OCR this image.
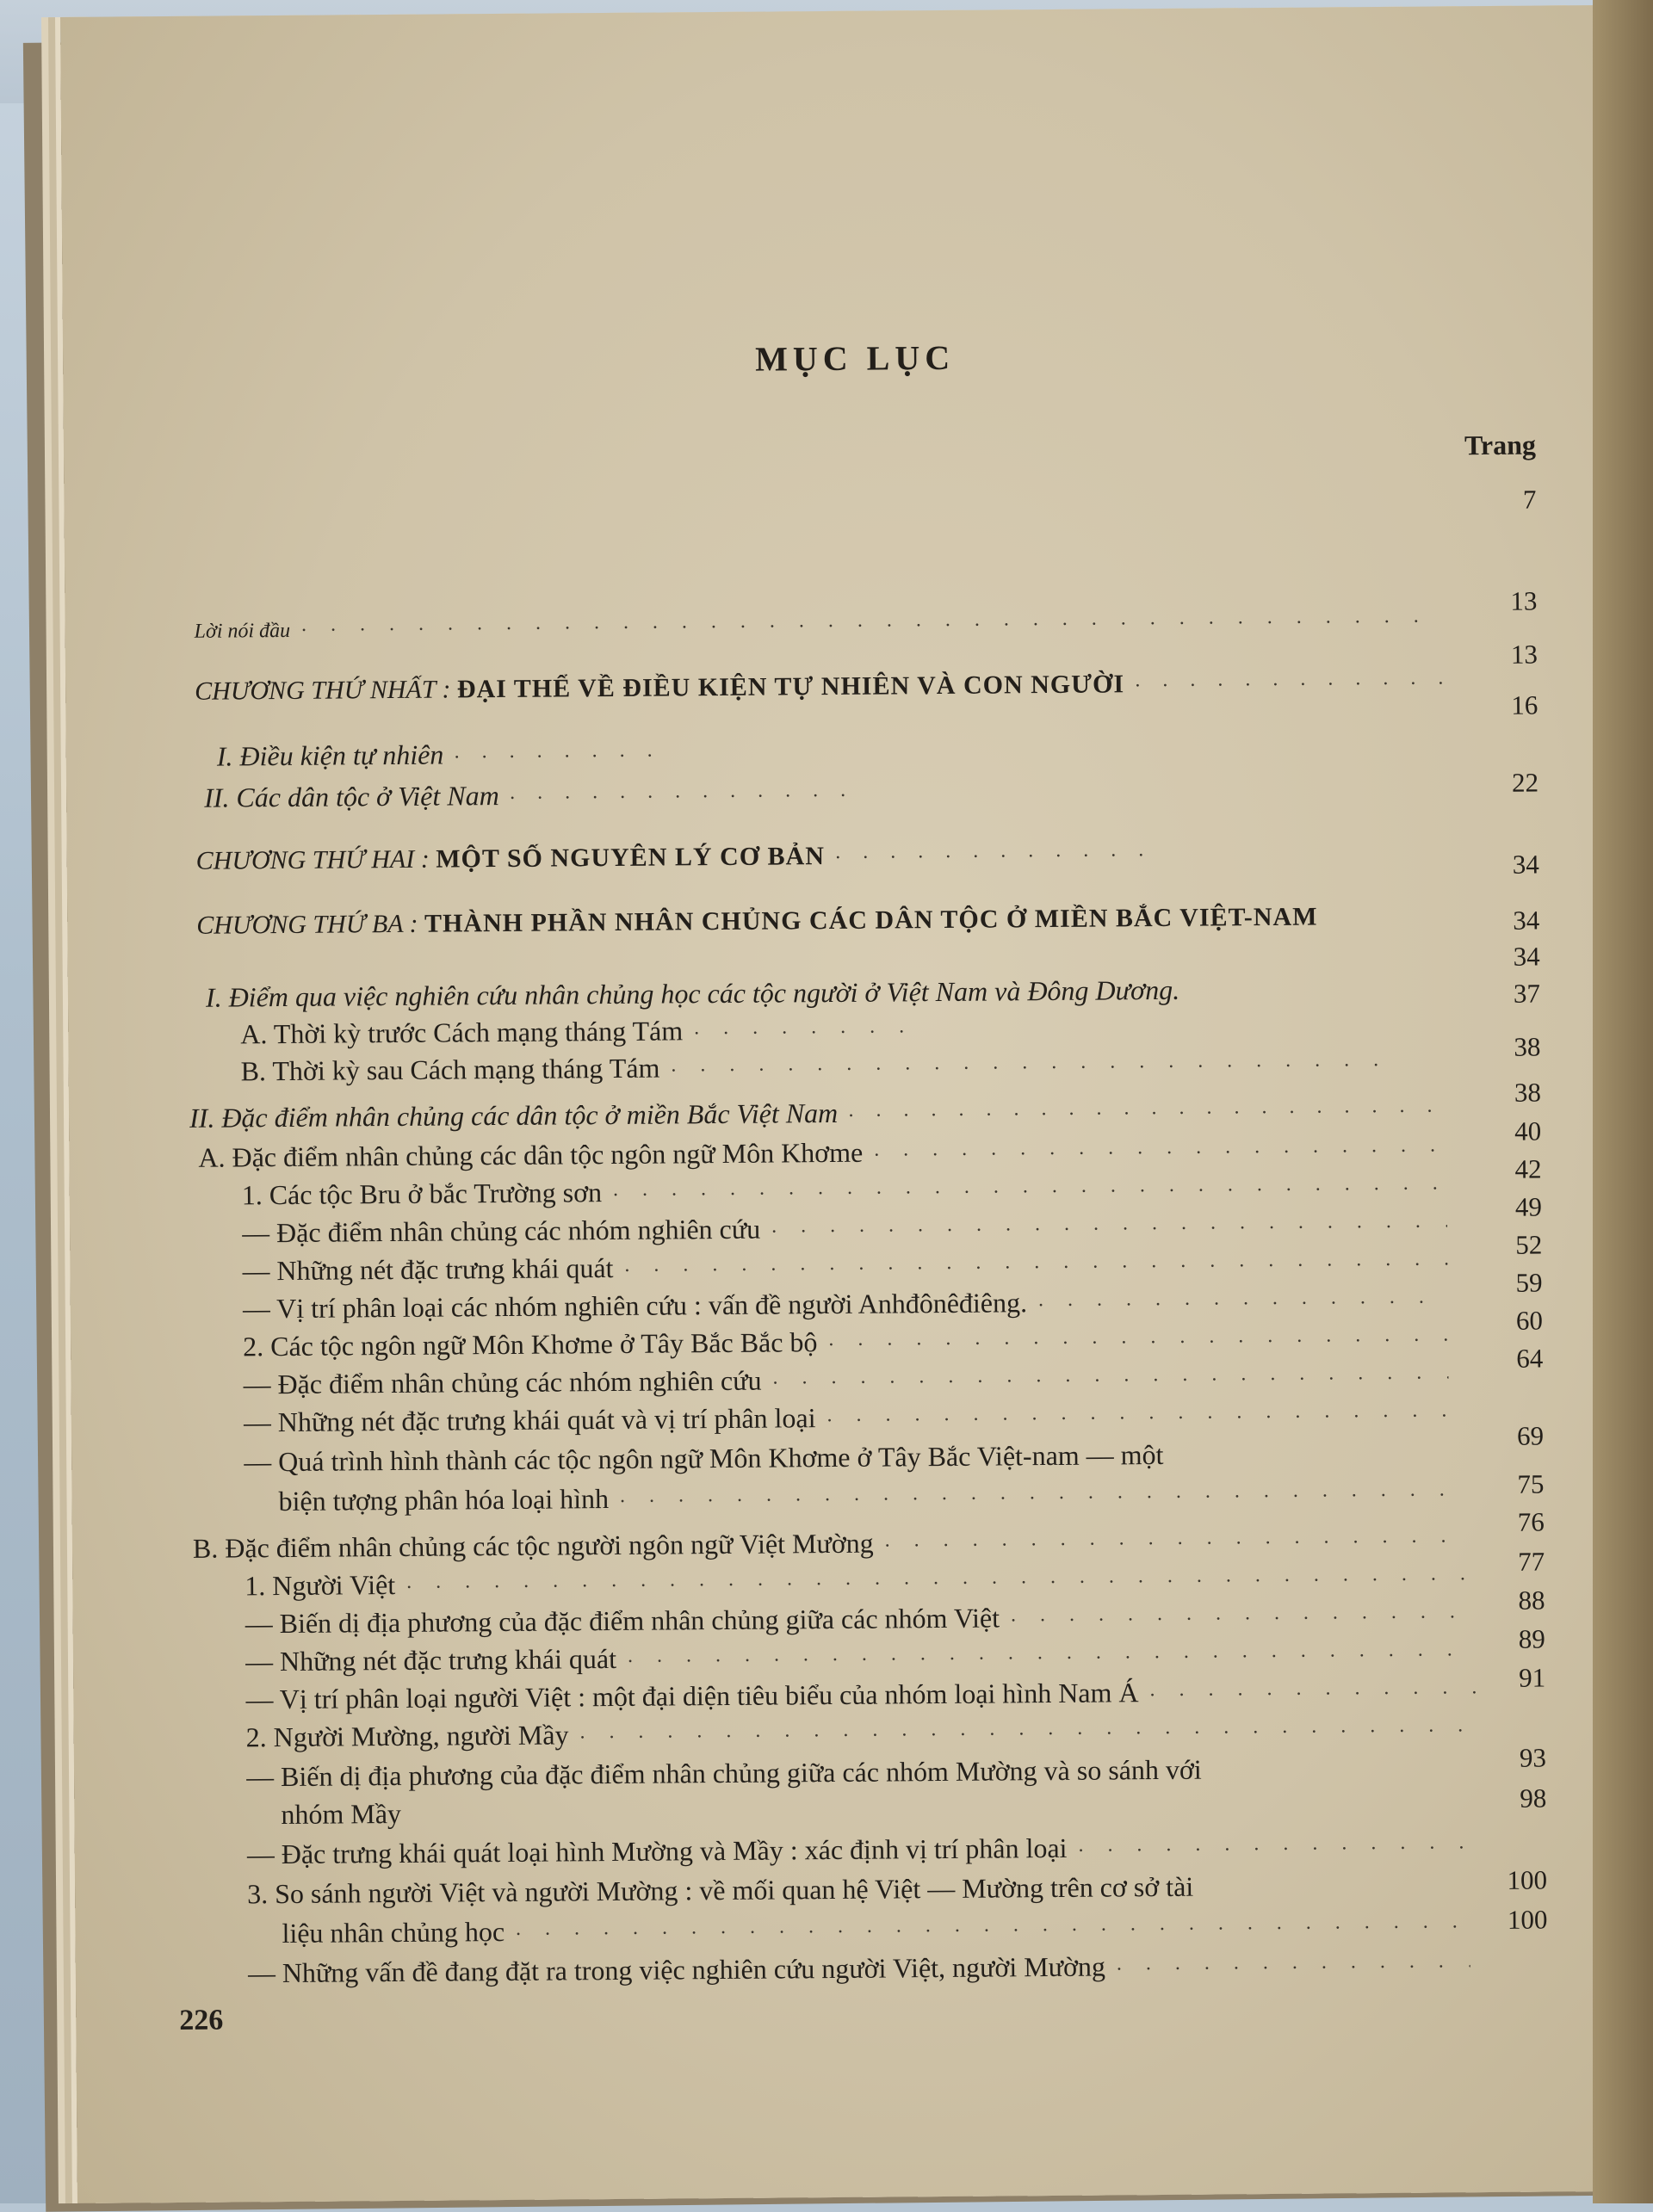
MỤC LỤC
Trang
7
13
13
16
22
34
34
34
37
38
38
40
42
49
52
59
60
64
69
75
76
77
88
89
91
93
98
100
100
Lời nói đầu
· · ·
CHƯƠNG THỨ NHẤT : ĐẠI THỂ VỀ ĐIỀU KIỆN TỰ NHIÊN VÀ CON NGƯỜI
· · ·
I. Điều kiện tự nhiên
· · ·
II. Các dân tộc ở Việt Nam
· · ·
CHƯƠNG THỨ HAI : MỘT SỐ NGUYÊN LÝ CƠ BẢN
· · ·
CHƯƠNG THỨ BA : THÀNH PHẦN NHÂN CHỦNG CÁC DÂN TỘC Ở MIỀN BẮC VIỆT-NAM
I. Điểm qua việc nghiên cứu nhân chủng học các tộc người ở Việt Nam và Đông Dương.
A. Thời kỳ trước Cách mạng tháng Tám
· · ·
B. Thời kỳ sau Cách mạng tháng Tám
· · ·
II. Đặc điểm nhân chủng các dân tộc ở miền Bắc Việt Nam
· · ·
A. Đặc điểm nhân chủng các dân tộc ngôn ngữ Môn Khơme
· · ·
1. Các tộc Bru ở bắc Trường sơn
· · ·
— Đặc điểm nhân chủng các nhóm nghiên cứu
· · ·
— Những nét đặc trưng khái quát
· · ·
— Vị trí phân loại các nhóm nghiên cứu : vấn đề người Anhđônêđiêng.
· · ·
2. Các tộc ngôn ngữ Môn Khơme ở Tây Bắc Bắc bộ
· · ·
— Đặc điểm nhân chủng các nhóm nghiên cứu
· · ·
— Những nét đặc trưng khái quát và vị trí phân loại
· · ·
— Quá trình hình thành các tộc ngôn ngữ Môn Khơme ở Tây Bắc Việt-nam — một
biện tượng phân hóa loại hình
· · ·
B. Đặc điểm nhân chủng các tộc người ngôn ngữ Việt Mường
· · ·
1. Người Việt
· · ·
— Biến dị địa phương của đặc điểm nhân chủng giữa các nhóm Việt
· · ·
— Những nét đặc trưng khái quát
· · ·
— Vị trí phân loại người Việt : một đại diện tiêu biểu của nhóm loại hình Nam Á
· · ·
2. Người Mường, người Mầy
· · ·
— Biến dị địa phương của đặc điểm nhân chủng giữa các nhóm Mường và so sánh với
nhóm Mầy
— Đặc trưng khái quát loại hình Mường và Mầy : xác định vị trí phân loại
· · ·
3. So sánh người Việt và người Mường : về mối quan hệ Việt — Mường trên cơ sở tài
liệu nhân chủng học
· · ·
— Những vấn đề đang đặt ra trong việc nghiên cứu người Việt, người Mường
· · ·
226
